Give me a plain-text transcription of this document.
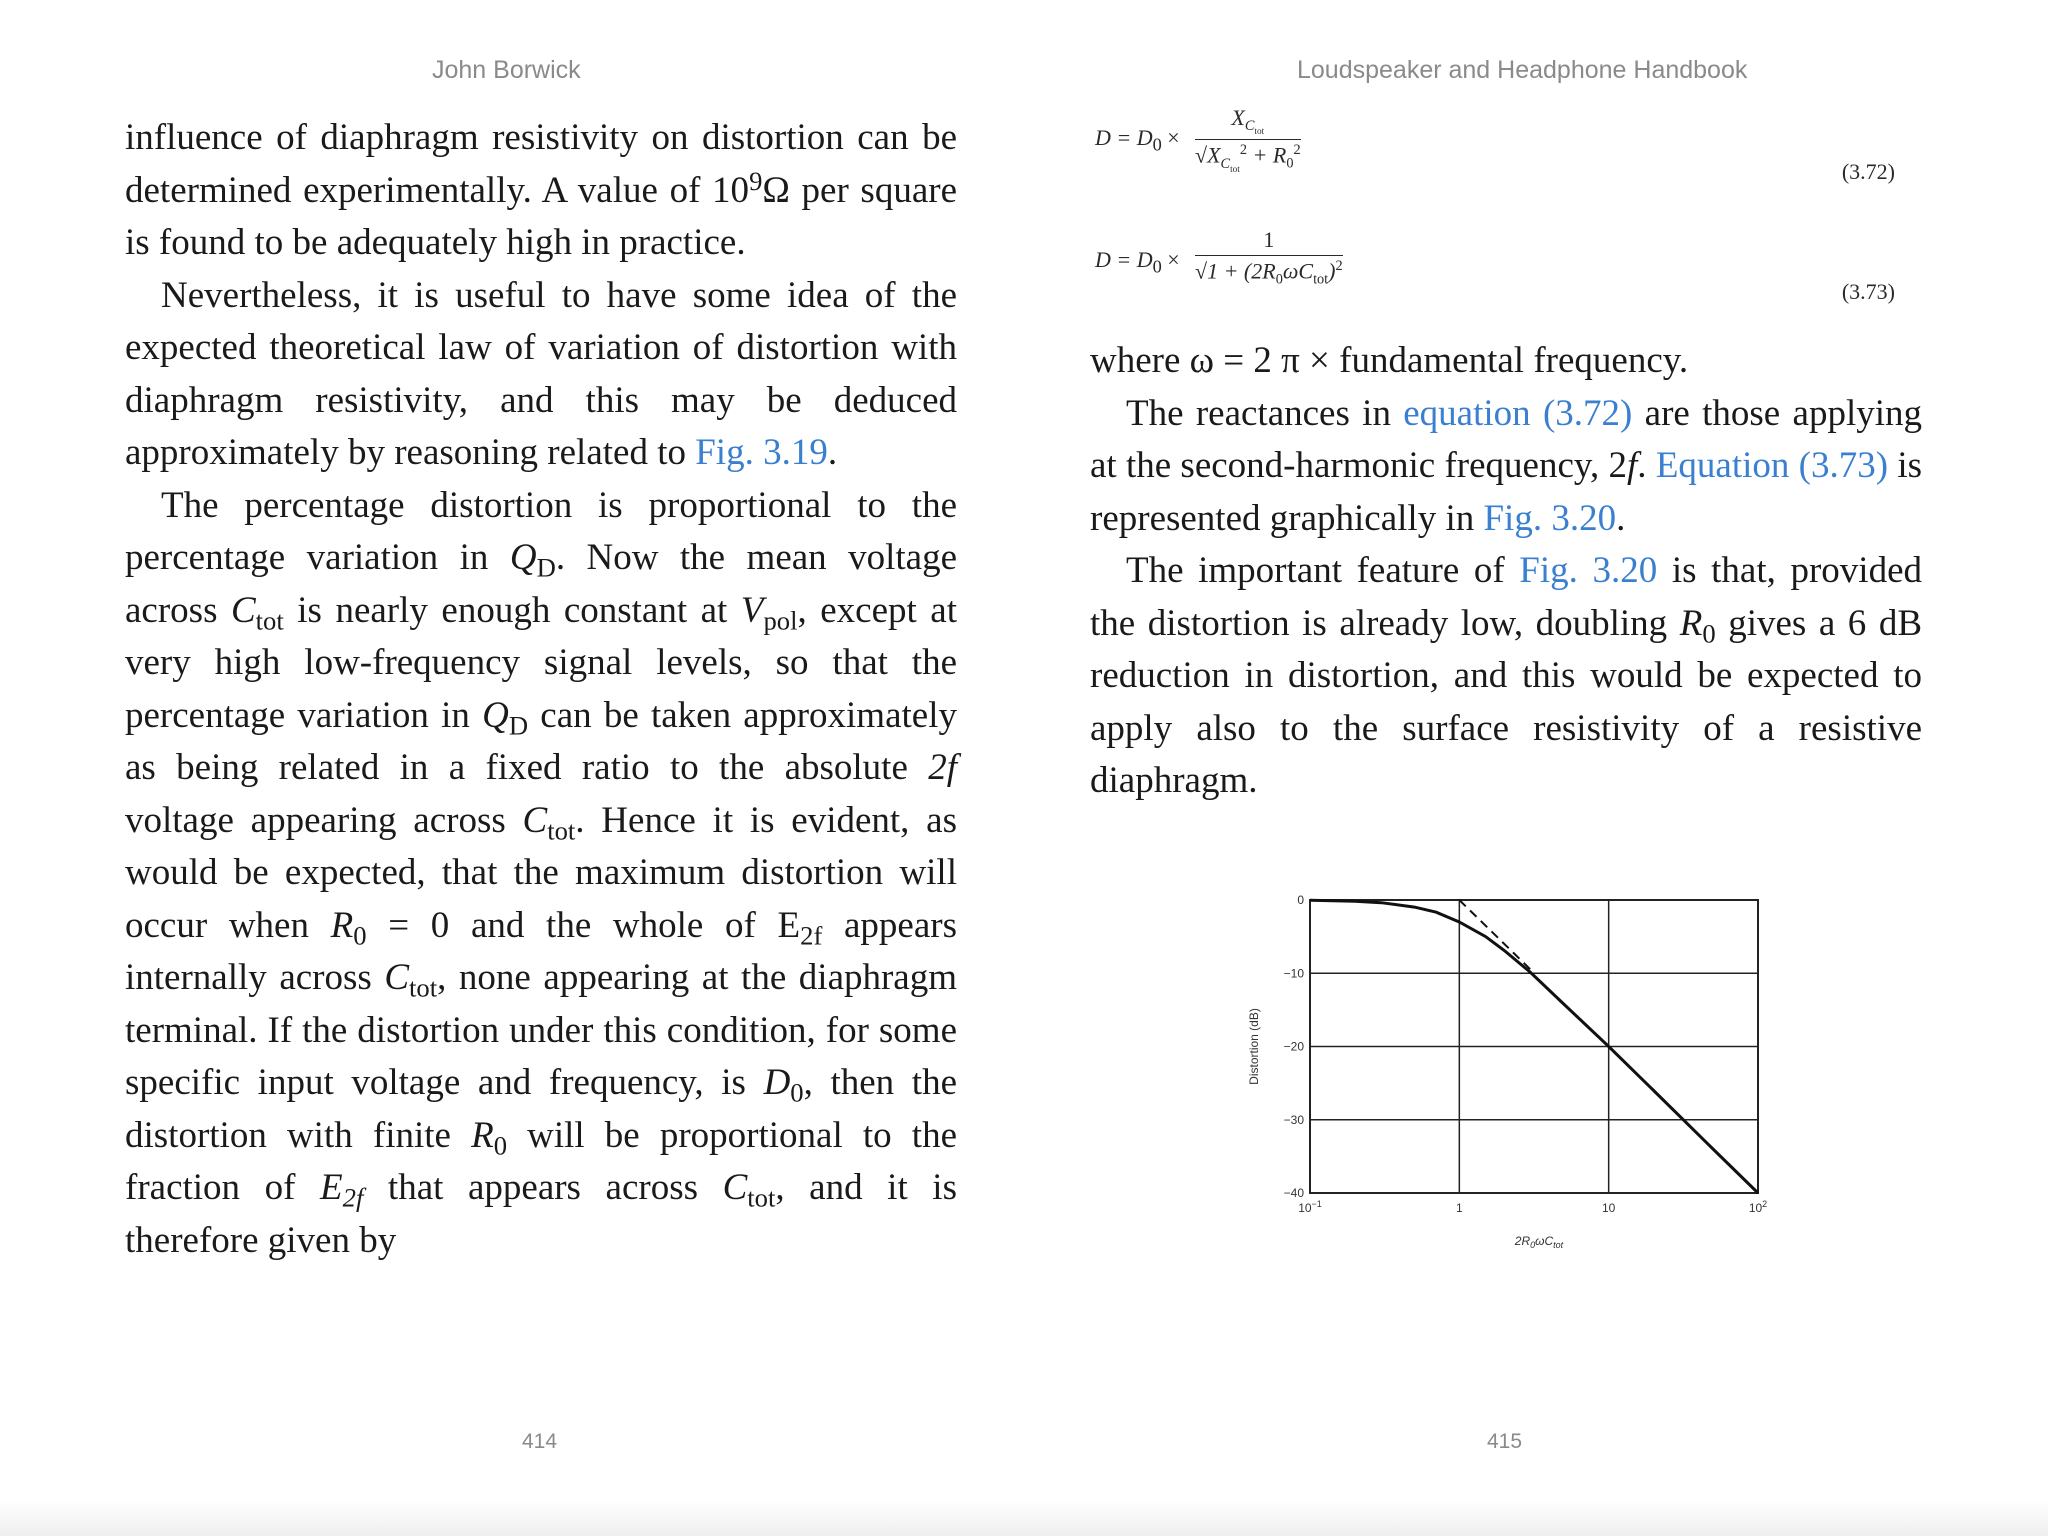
John Borwick	Loudspeaker and Headphone Handbook

influence of diaphragm resistivity on distortion can be determined experimentally. A value of $10^9\Omega$ per square is found to be adequately high in practice.

Nevertheless, it is useful to have some idea of the expected theoretical law of variation of distortion with diaphragm resistivity, and this may be deduced approximately by reasoning related to Fig. 3.19.

The percentage distortion is proportional to the percentage variation in $Q_D$. Now the mean voltage across $C_{tot}$ is nearly enough constant at $V_{pol}$, except at very high low-frequency signal levels, so that the percentage variation in $Q_D$ can be taken approximately as being related in a fixed ratio to the absolute 2f voltage appearing across $C_{tot}$. Hence it is evident, as would be expected, that the maximum distortion will occur when $R_0 = 0$ and the whole of $E_{2f}$ appears internally across $C_{tot}$, none appearing at the diaphragm terminal. If the distortion under this condition, for some specific input voltage and frequency, is $D_0$, then the distortion with finite $R_0$ will be proportional to the fraction of $E_{2f}$ that appears across $C_{tot}$, and it is therefore given by

414
$D = D_0$ ×
$X_{C_{tot}}$
$√X_{C_{tot}}^2 + R_0^2$
(3.72)
$D = D_0$ ×
1
$√1 + (2R_0\omega C_{tot})^2$
(3.73)

where ω = 2 π × fundamental frequency.

The reactances in equation (3.72) are those applying at the second-harmonic frequency, 2f. Equation (3.73) is represented graphically in Fig. 3.20.

The important feature of Fig. 3.20 is that, provided the distortion is already low, doubling $R_0$ gives a 6 dB reduction in distortion, and this would be expected to apply also to the surface resistivity of a resistive diaphragm.

0
−10
−20
−30
−40
$10^{-1}$	1	10	$10^2$
Distortion (dB)
$2R_0\omega C_{tot}$
415
